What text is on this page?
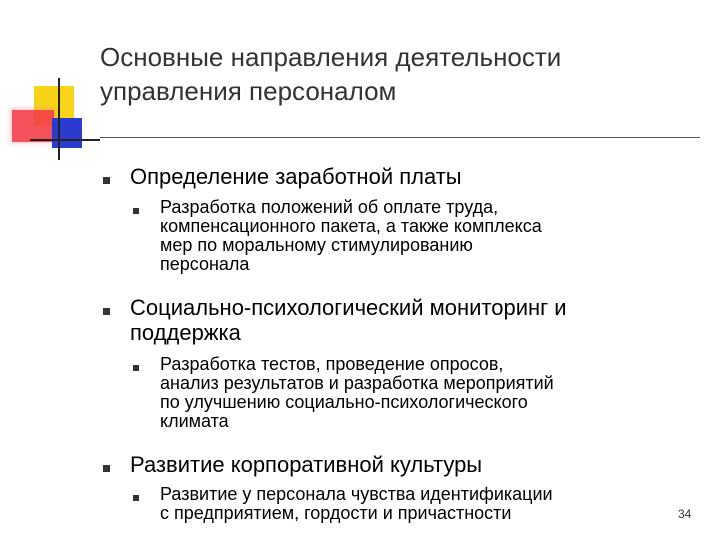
Основные направления деятельности
управления персоналом
Определение заработной платы
Разработка положений об оплате труда,
компенсационного пакета, а также комплекса
мер по моральному стимулированию
персонала
Социально-психологический мониторинг и
поддержка
Разработка тестов, проведение опросов,
анализ результатов и разработка мероприятий
по улучшению социально-психологического
климата
Развитие корпоративной культуры
Развитие у персонала чувства идентификации
с предприятием, гордости и причастности	34
